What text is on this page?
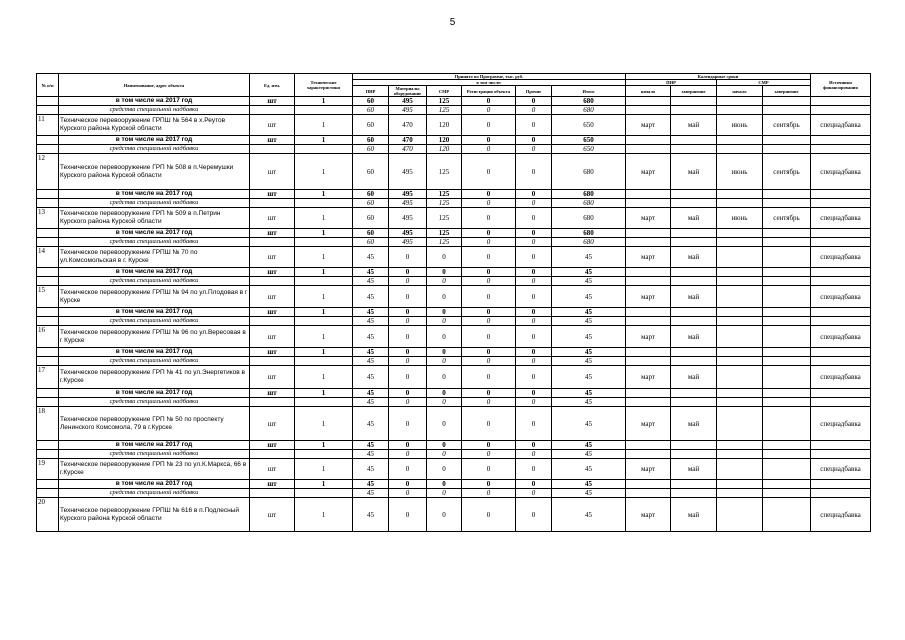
5
№ п/п	Наименование, адрес объекта	Ед. изм.	Технические характеристики	Принято по Программе, тыс. руб.						Календарные сроки				Источники финансирования
				в том числе:						ПИР		СМР		
				ПИР	Материалы оборудование	СМР	Регистрация объекта	Прочие	Итого	начало	завершение	начало	завершение	
	в том числе на 2017 год	шт	1	60	495	125	0	0	680					
	средства специальной надбавки			60	495	125	0	0	680					
11	Техническое перевооружение ГРПШ № 564 в х.Реутов Курского района Курской области	шт	1	60	470	120	0	0	650	март	май	июнь	сентябрь	спецнадбавка
	в том числе на 2017 год	шт	1	60	470	120	0	0	650					
	средства специальной надбавки			60	470	120	0	0	650					
12	Техническое перевооружение ГРП № 508 в п.Черемушки Курского района Курской области	шт	1	60	495	125	0	0	680	март	май	июнь	сентябрь	спецнадбавка
	в том числе на 2017 год	шт	1	60	495	125	0	0	680					
	средства специальной надбавки			60	495	125	0	0	680					
13	Техническое перевооружение ГРП № 509 в п.Петрин Курского района Курской области	шт	1	60	495	125	0	0	680	март	май	июнь	сентябрь	спецнадбавка
	в том числе на 2017 год	шт	1	60	495	125	0	0	680					
	средства специальной надбавки			60	495	125	0	0	680					
14	Техническое перевооружение ГРПШ № 70 по ул.Комсомольская в г. Курске	шт	1	45	0	0	0	0	45	март	май			спецнадбавка
	в том числе на 2017 год	шт	1	45	0	0	0	0	45					
	средства специальной надбавки			45	0	0	0	0	45					
15	Техническое перевооружение ГРПШ № 94 по ул.Плодовая в г Курске	шт	1	45	0	0	0	0	45	март	май			спецнадбавка
	в том числе на 2017 год	шт	1	45	0	0	0	0	45					
	средства специальной надбавки			45	0	0	0	0	45					
16	Техническое перевооружение ГРПШ № 96 по ул.Вересовая в г Курске	шт	1	45	0	0	0	0	45	март	май			спецнадбавка
	в том числе на 2017 год	шт	1	45	0	0	0	0	45					
	средства специальной надбавки			45	0	0	0	0	45					
17	Техническое перевооружение ГРП № 41 по ул.Энергетиков в г.Курске	шт	1	45	0	0	0	0	45	март	май			спецнадбавка
	в том числе на 2017 год	шт	1	45	0	0	0	0	45					
	средства специальной надбавки			45	0	0	0	0	45					
18	Техническое перевооружение ГРП № 50 по проспекту Ленинского Комсомола, 79 в г.Курске	шт	1	45	0	0	0	0	45	март	май			спецнадбавка
	в том числе на 2017 год	шт	1	45	0	0	0	0	45					
	средства специальной надбавки			45	0	0	0	0	45					
19	Техническое перевооружение ГРП № 23 по ул.К.Маркса, 66 в г.Курске	шт	1	45	0	0	0	0	45	март	май			спецнадбавка
	в том числе на 2017 год	шт	1	45	0	0	0	0	45					
	средства специальной надбавки			45	0	0	0	0	45					
20	Техническое перевооружение ГРПШ № 616 в п.Подлесный Курского района Курской области	шт	1	45	0	0	0	0	45	март	май			спецнадбавка
